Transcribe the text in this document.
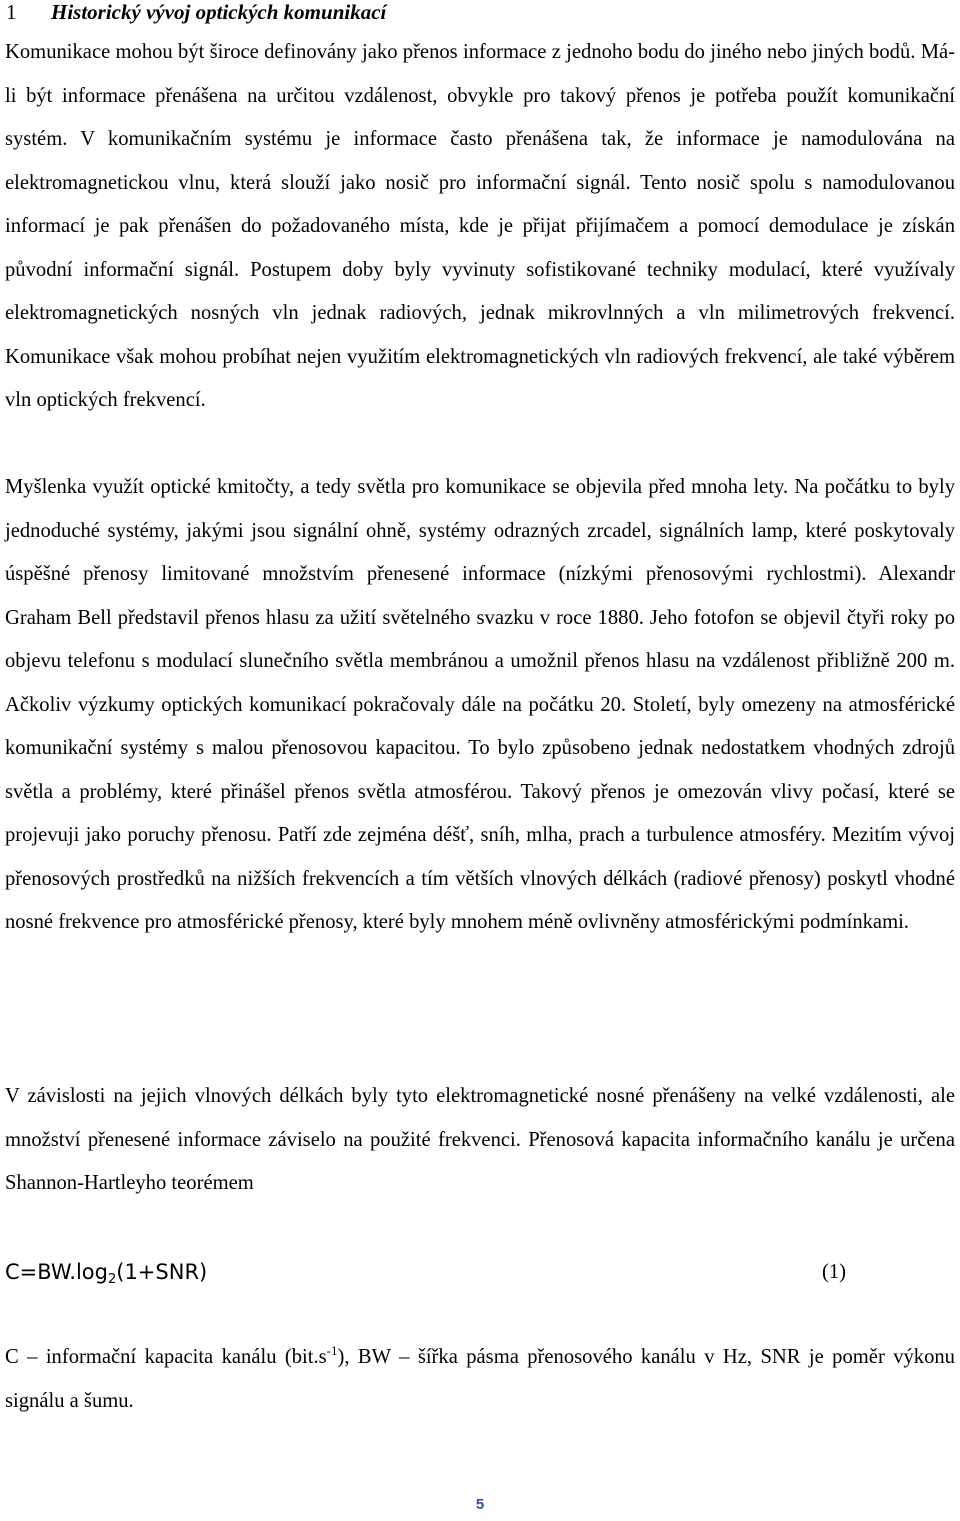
1 Historický vývoj optických komunikací

Komunikace mohou být široce definovány jako přenos informace z jednoho bodu do jiného nebo jiných bodů. Má-li být informace přenášena na určitou vzdálenost, obvykle pro takový přenos je potřeba použít komunikační systém. V komunikačním systému je informace často přenášena tak, že informace je namodulována na elektromagnetickou vlnu, která slouží jako nosič pro informační signál. Tento nosič spolu s namodulovanou informací je pak přenášen do požadovaného místa, kde je přijat přijímačem a pomocí demodulace je získán původní informační signál. Postupem doby byly vyvinuty sofistikované techniky modulací, které využívaly elektromagnetických nosných vln jednak radiových, jednak mikrovlnných a vln milimetrových frekvencí. Komunikace však mohou probíhat nejen využitím elektromagnetických vln radiových frekvencí, ale také výběrem vln optických frekvencí.

Myšlenka využít optické kmitočty, a tedy světla pro komunikace se objevila před mnoha lety. Na počátku to byly jednoduché systémy, jakými jsou signální ohně, systémy odrazných zrcadel, signálních lamp, které poskytovaly úspěšné přenosy limitované množstvím přenesené informace (nízkými přenosovými rychlostmi). Alexandr Graham Bell představil přenos hlasu za užití světelného svazku v roce 1880. Jeho fotofon se objevil čtyři roky po objevu telefonu s modulací slunečního světla membránou a umožnil přenos hlasu na vzdálenost přibližně 200 m. Ačkoliv výzkumy optických komunikací pokračovaly dále na počátku 20. Století, byly omezeny na atmosférické komunikační systémy s malou přenosovou kapacitou. To bylo způsobeno jednak nedostatkem vhodných zdrojů světla a problémy, které přinášel přenos světla atmosférou. Takový přenos je omezován vlivy počasí, které se projevuji jako poruchy přenosu. Patří zde zejména déšť, sníh, mlha, prach a turbulence atmosféry. Mezitím vývoj přenosových prostředků na nižších frekvencích a tím větších vlnových délkách (radiové přenosy) poskytl vhodné nosné frekvence pro atmosférické přenosy, které byly mnohem méně ovlivněny atmosférickými podmínkami.

V závislosti na jejich vlnových délkách byly tyto elektromagnetické nosné přenášeny na velké vzdálenosti, ale množství přenesené informace záviselo na použité frekvenci. Přenosová kapacita informačního kanálu je určena Shannon-Hartleyho teorémem

$C=BW.\log_2(1+SNR)$	(1)

C – informační kapacita kanálu $(bit.s^{-1})$, BW – šířka pásma přenosového kanálu v Hz, SNR je poměr výkonu signálu a šumu.

5
